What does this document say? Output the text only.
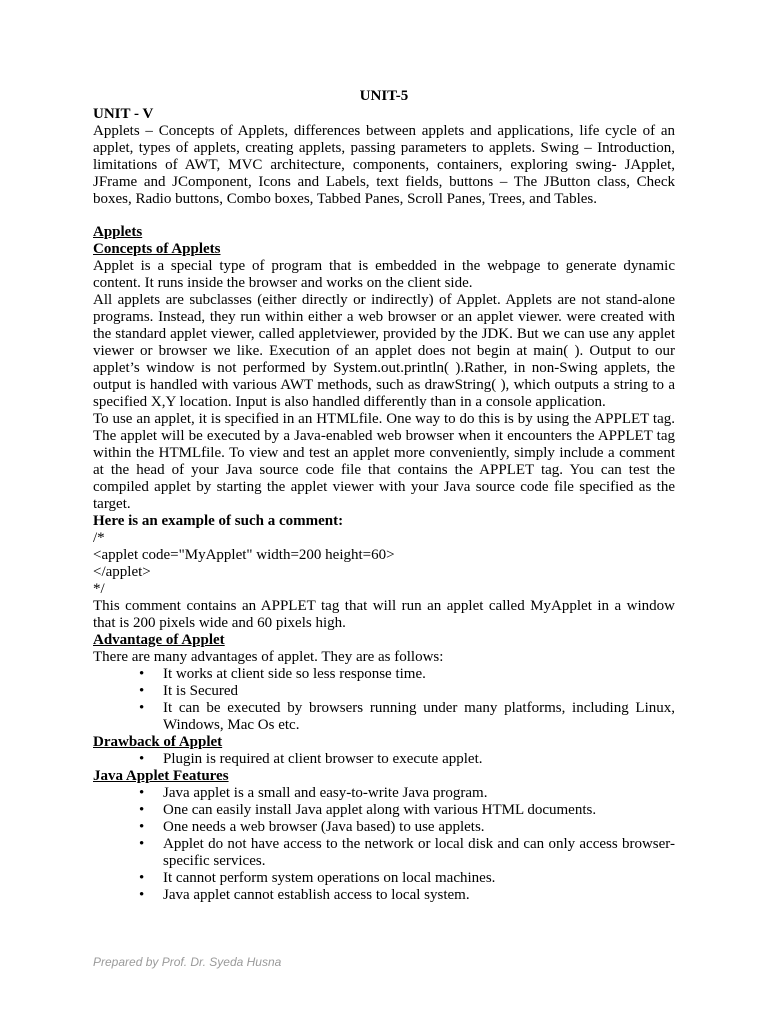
UNIT-5
UNIT - V

Applets – Concepts of Applets, differences between applets and applications, life cycle of an applet, types of applets, creating applets, passing parameters to applets. Swing – Introduction, limitations of AWT, MVC architecture, components, containers, exploring swing- JApplet, JFrame and JComponent, Icons and Labels, text fields, buttons – The JButton class, Check boxes, Radio buttons, Combo boxes, Tabbed Panes, Scroll Panes, Trees, and Tables.

Applets
Concepts of Applets

Applet is a special type of program that is embedded in the webpage to generate dynamic content. It runs inside the browser and works on the client side.

All applets are subclasses (either directly or indirectly) of Applet. Applets are not stand-alone programs. Instead, they run within either a web browser or an applet viewer. were created with the standard applet viewer, called appletviewer, provided by the JDK. But we can use any applet viewer or browser we like. Execution of an applet does not begin at main( ). Output to our applet’s window is not performed by System.out.println( ).Rather, in non-Swing applets, the output is handled with various AWT methods, such as drawString( ), which outputs a string to a specified X,Y location. Input is also handled differently than in a console application.

To use an applet, it is specified in an HTMLfile. One way to do this is by using the APPLET tag. The applet will be executed by a Java-enabled web browser when it encounters the APPLET tag within the HTMLfile. To view and test an applet more conveniently, simply include a comment at the head of your Java source code file that contains the APPLET tag. You can test the compiled applet by starting the applet viewer with your Java source code file specified as the target.

Here is an example of such a comment:
/*
<applet code="MyApplet" width=200 height=60>
</applet>
*/

This comment contains an APPLET tag that will run an applet called MyApplet in a window that is 200 pixels wide and 60 pixels high.

Advantage of Applet

There are many advantages of applet. They are as follows:

• It works at client side so less response time.
• It is Secured
• It can be executed by browsers running under many platforms, including Linux, Windows, Mac Os etc.
Drawback of Applet
• Plugin is required at client browser to execute applet.
Java Applet Features
• Java applet is a small and easy-to-write Java program.
• One can easily install Java applet along with various HTML documents.
• One needs a web browser (Java based) to use applets.
• Applet do not have access to the network or local disk and can only access browser-specific services.
• It cannot perform system operations on local machines.
• Java applet cannot establish access to local system.
Prepared by Prof. Dr. Syeda Husna
